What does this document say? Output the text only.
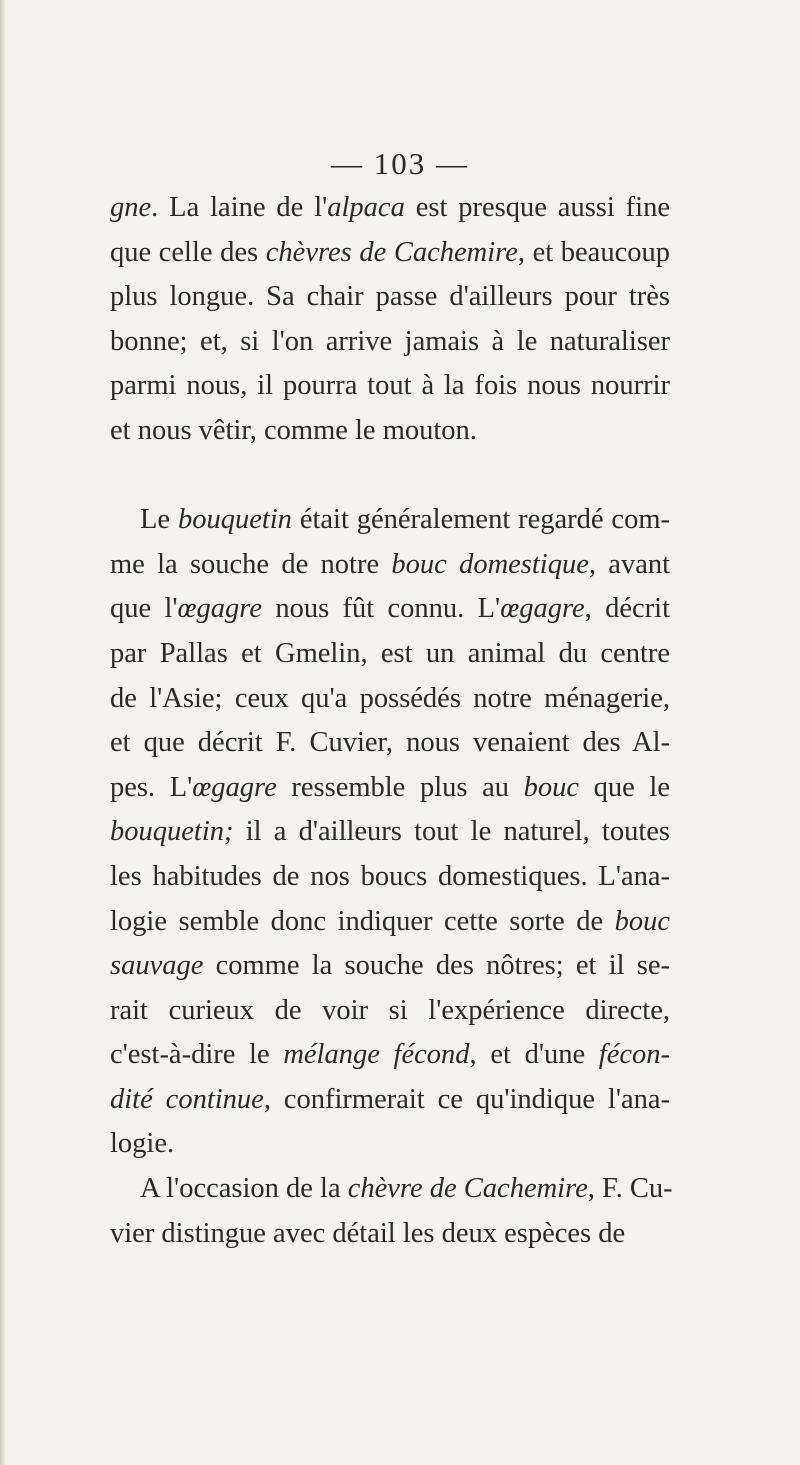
— 103 —

gne. La laine de l'alpaca est presque aussi fine
que celle des chèvres de Cachemire, et beaucoup
plus longue. Sa chair passe d'ailleurs pour très
bonne; et, si l'on arrive jamais à le naturaliser
parmi nous, il pourra tout à la fois nous nourrir
et nous vêtir, comme le mouton.

Le bouquetin était généralement regardé com-
me la souche de notre bouc domestique, avant
que l'œgagre nous fût connu. L'œgagre, décrit
par Pallas et Gmelin, est un animal du centre
de l'Asie; ceux qu'a possédés notre ménagerie,
et que décrit F. Cuvier, nous venaient des Al-
pes. L'œgagre ressemble plus au bouc que le
bouquetin; il a d'ailleurs tout le naturel, toutes
les habitudes de nos boucs domestiques. L'ana-
logie semble donc indiquer cette sorte de bouc
sauvage comme la souche des nôtres; et il se-
rait curieux de voir si l'expérience directe,
c'est-à-dire le mélange fécond, et d'une fécon-
dité continue, confirmerait ce qu'indique l'ana-
logie.

A l'occasion de la chèvre de Cachemire, F. Cu-
vier distingue avec détail les deux espèces de
